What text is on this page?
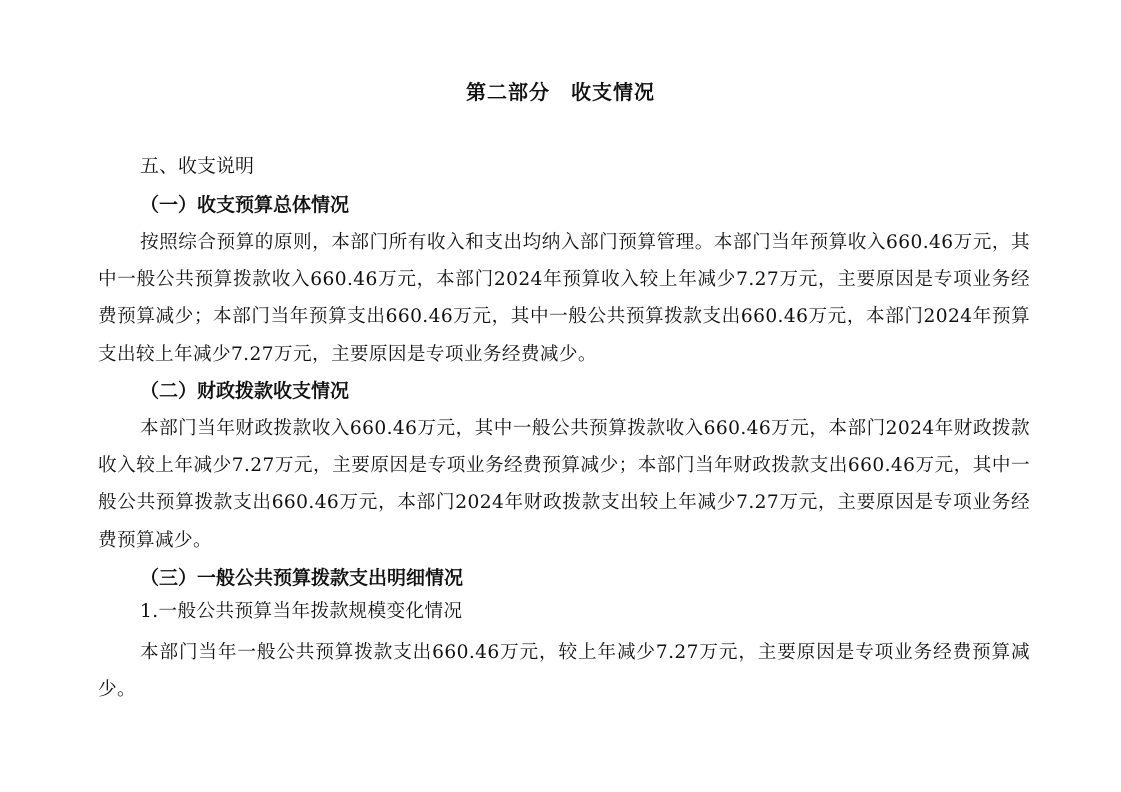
第二部分　收支情况
五、收支说明
（一）收支预算总体情况
按照综合预算的原则，本部门所有收入和支出均纳入部门预算管理。本部门当年预算收入660.46万元，其中一般公共预算拨款收入660.46万元，本部门2024年预算收入较上年减少7.27万元，主要原因是专项业务经费预算减少；本部门当年预算支出660.46万元，其中一般公共预算拨款支出660.46万元，本部门2024年预算支出较上年减少7.27万元，主要原因是专项业务经费减少。
（二）财政拨款收支情况
本部门当年财政拨款收入660.46万元，其中一般公共预算拨款收入660.46万元，本部门2024年财政拨款收入较上年减少7.27万元，主要原因是专项业务经费预算减少；本部门当年财政拨款支出660.46万元，其中一般公共预算拨款支出660.46万元，本部门2024年财政拨款支出较上年减少7.27万元，主要原因是专项业务经费预算减少。
（三）一般公共预算拨款支出明细情况
1.一般公共预算当年拨款规模变化情况
本部门当年一般公共预算拨款支出660.46万元，较上年减少7.27万元，主要原因是专项业务经费预算减少。
